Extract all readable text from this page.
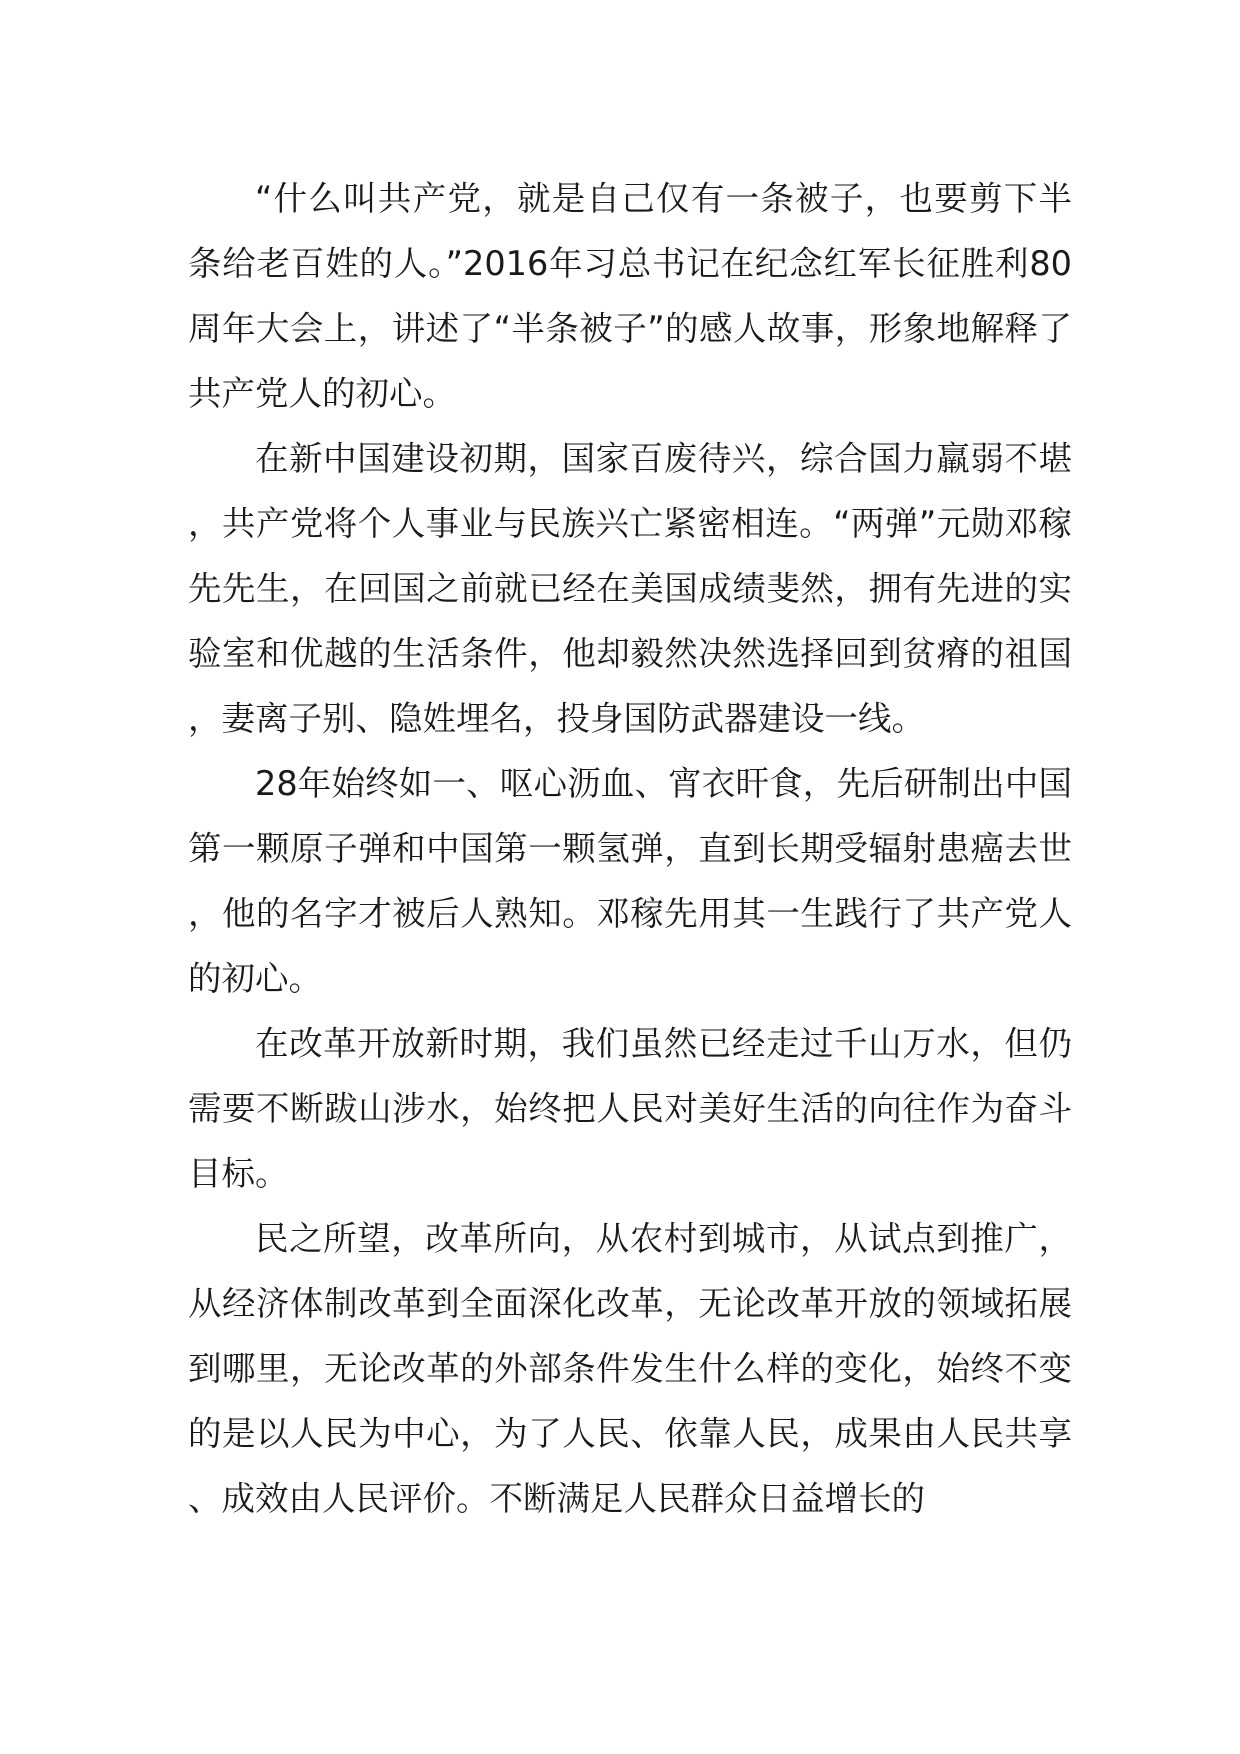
“什么叫共产党，就是自己仅有一条被子，也要剪下半条给老百姓的人。”2016年习总书记在纪念红军长征胜利80周年大会上，讲述了“半条被子”的感人故事，形象地解释了共产党人的初心。

在新中国建设初期，国家百废待兴，综合国力羸弱不堪，共产党将个人事业与民族兴亡紧密相连。“两弹”元勋邓稼先先生，在回国之前就已经在美国成绩斐然，拥有先进的实验室和优越的生活条件，他却毅然决然选择回到贫瘠的祖国，妻离子别、隐姓埋名，投身国防武器建设一线。

28年始终如一、呕心沥血、宵衣旰食，先后研制出中国第一颗原子弹和中国第一颗氢弹，直到长期受辐射患癌去世，他的名字才被后人熟知。邓稼先用其一生践行了共产党人的初心。

在改革开放新时期，我们虽然已经走过千山万水，但仍需要不断跋山涉水，始终把人民对美好生活的向往作为奋斗目标。

民之所望，改革所向，从农村到城市，从试点到推广，从经济体制改革到全面深化改革，无论改革开放的领域拓展到哪里，无论改革的外部条件发生什么样的变化，始终不变的是以人民为中心，为了人民、依靠人民，成果由人民共享、成效由人民评价。不断满足人民群众日益增长的
